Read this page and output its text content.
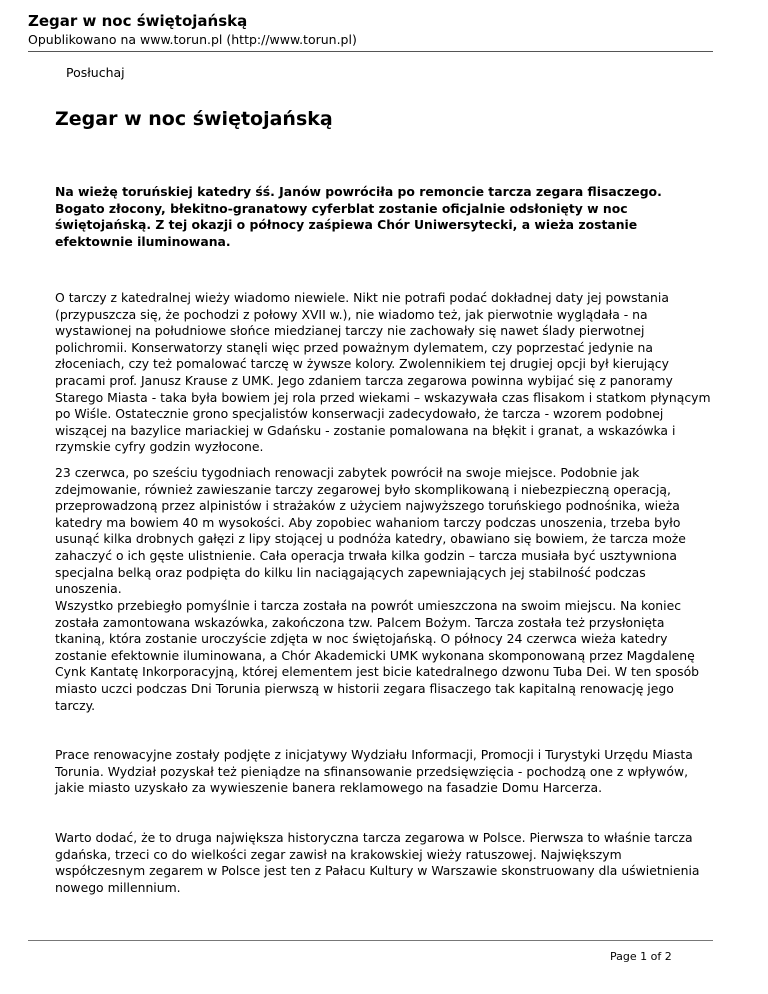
Zegar w noc świętojańską
Opublikowano na www.torun.pl (http://www.torun.pl)
Posłuchaj
Zegar w noc świętojańską

Na wieżę toruńskiej katedry śś. Janów powróciła po remoncie tarcza zegara flisaczego. Bogato złocony, błekitno-granatowy cyferblat zostanie oficjalnie odsłonięty w noc świętojańską. Z tej okazji o północy zaśpiewa Chór Uniwersytecki, a wieża zostanie efektownie iluminowana.

O tarczy z katedralnej wieży wiadomo niewiele. Nikt nie potrafi podać dokładnej daty jej powstania (przypuszcza się, że pochodzi z połowy XVII w.), nie wiadomo też, jak pierwotnie wyglądała - na wystawionej na południowe słońce miedzianej tarczy nie zachowały się nawet ślady pierwotnej polichromii. Konserwatorzy stanęli więc przed poważnym dylematem, czy poprzestać jedynie na złoceniach, czy też pomalować tarczę w żywsze kolory. Zwolennikiem tej drugiej opcji był kierujący pracami prof. Janusz Krause z UMK. Jego zdaniem tarcza zegarowa powinna wybijać się z panoramy Starego Miasta - taka była bowiem jej rola przed wiekami – wskazywała czas flisakom i statkom płynącym po Wiśle. Ostatecznie grono specjalistów konserwacji zadecydowało, że tarcza - wzorem podobnej wiszącej na bazylice mariackiej w Gdańsku - zostanie pomalowana na błękit i granat, a wskazówka i rzymskie cyfry godzin wyzłocone.

23 czerwca, po sześciu tygodniach renowacji zabytek powrócił na swoje miejsce. Podobnie jak zdejmowanie, również zawieszanie tarczy zegarowej było skomplikowaną i niebezpieczną operacją, przeprowadzoną przez alpinistów i strażaków z użyciem najwyższego toruńskiego podnośnika, wieża katedry ma bowiem 40 m wysokości. Aby zopobiec wahaniom tarczy podczas unoszenia, trzeba było usunąć kilka drobnych gałęzi z lipy stojącej u podnóża katedry, obawiano się bowiem, że tarcza może zahaczyć o ich gęste ulistnienie. Cała operacja trwała kilka godzin – tarcza musiała być usztywniona specjalna belką oraz podpięta do kilku lin naciągających zapewniających jej stabilność podczas unoszenia.

Wszystko przebiegło pomyślnie i tarcza została na powrót umieszczona na swoim miejscu. Na koniec została zamontowana wskazówka, zakończona tzw. Palcem Bożym. Tarcza została też przysłonięta tkaniną, która zostanie uroczyście zdjęta w noc świętojańską. O północy 24 czerwca wieża katedry zostanie efektownie iluminowana, a Chór Akademicki UMK wykonana skomponowaną przez Magdalenę Cynk Kantatę Inkorporacyjną, której elementem jest bicie katedralnego dzwonu Tuba Dei. W ten sposób miasto uczci podczas Dni Torunia pierwszą w historii zegara flisaczego tak kapitalną renowację jego tarczy.

Prace renowacyjne zostały podjęte z inicjatywy Wydziału Informacji, Promocji i Turystyki Urzędu Miasta Torunia. Wydział pozyskał też pieniądze na sfinansowanie przedsięwzięcia - pochodzą one z wpływów, jakie miasto uzyskało za wywieszenie banera reklamowego na fasadzie Domu Harcerza.

Warto dodać, że to druga największa historyczna tarcza zegarowa w Polsce. Pierwsza to właśnie tarcza gdańska, trzeci co do wielkości zegar zawisł na krakowskiej wieży ratuszowej. Największym współczesnym zegarem w Polsce jest ten z Pałacu Kultury w Warszawie skonstruowany dla uświetnienia nowego millennium.

Page 1 of 2
